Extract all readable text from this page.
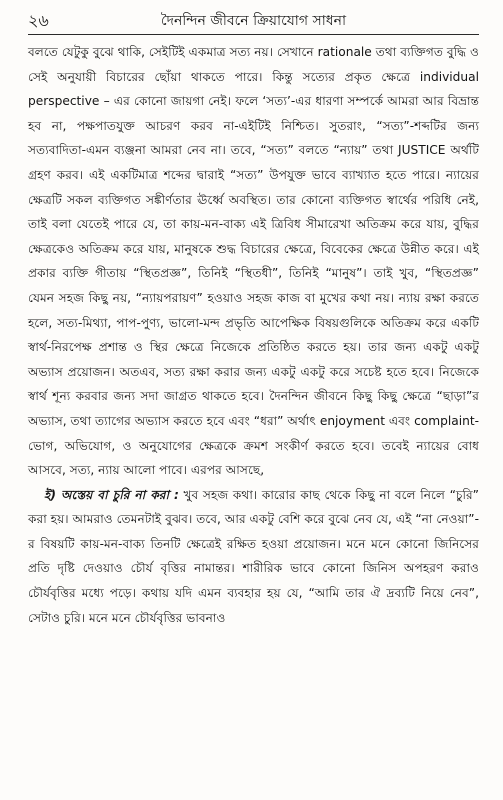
২৬	দৈনন্দিন জীবনে ক্রিয়াযোগ সাধনা

বলতে যেটুকু বুঝে থাকি, সেইটিই একমাত্র সত্য নয়। সেখানে rationale তথা ব্যক্তিগত বুদ্ধি ও সেই অনুযায়ী বিচারের ছোঁয়া থাকতে পারে। কিন্তু সত্যের প্রকৃত ক্ষেত্রে individual perspective – এর কোনো জায়গা নেই। ফলে ‘সত্য’-এর ধারণা সম্পর্কে আমরা আর বিভ্রান্ত হব না, পক্ষপাতযুক্ত আচরণ করব না-এইটিই নিশ্চিত। সুতরাং, “সত্য”-শব্দটির জন্য সত্যবাদিতা-এমন ব্যঞ্জনা আমরা নেব না। তবে, “সত্য” বলতে “ন্যায়” তথা JUSTICE অর্থটি গ্রহণ করব। এই একটিমাত্র শব্দের দ্বারাই “সত্য” উপযুক্ত ভাবে ব্যাখ্যাত হতে পারে। ন্যায়ের ক্ষেত্রটি সকল ব্যক্তিগত সঙ্কীর্ণতার ঊর্ধ্বে অবস্থিত। তার কোনো ব্যক্তিগত স্বার্থের পরিধি নেই, তাই বলা যেতেই পারে যে, তা কায়-মন-বাক্য এই ত্রিবিধ সীমারেখা অতিক্রম করে যায়, বুদ্ধির ক্ষেত্রকেও অতিক্রম করে যায়, মানুষকে শুদ্ধ বিচারের ক্ষেত্রে, বিবেকের ক্ষেত্রে উন্নীত করে। এই প্রকার ব্যক্তি গীতায় “স্থিতপ্রজ্ঞ”, তিনিই “স্থিতধী”, তিনিই “মানুষ”। তাই খুব, “স্থিতপ্রজ্ঞ” যেমন সহজ কিছু নয়, “ন্যায়পরায়ণ” হওয়াও সহজ কাজ বা মুখের কথা নয়। ন্যায় রক্ষা করতে হলে, সত্য-মিথ্যা, পাপ-পুণ্য, ভালো-মন্দ প্রভৃতি আপেক্ষিক বিষয়গুলিকে অতিক্রম করে একটি স্বার্থ-নিরপেক্ষ প্রশান্ত ও স্থির ক্ষেত্রে নিজেকে প্রতিষ্ঠিত করতে হয়। তার জন্য একটু একটু অভ্যাস প্রয়োজন। অতএব, সত্য রক্ষা করার জন্য একটু একটু করে সচেষ্ট হতে হবে। নিজেকে স্বার্থ শূন্য করবার জন্য সদা জাগ্রত থাকতে হবে। দৈনন্দিন জীবনে কিছু কিছু ক্ষেত্রে “ছাড়া”র অভ্যাস, তথা ত্যাগের অভ্যাস করতে হবে এবং “ধরা” অর্থাৎ enjoyment এবং complaint-ভোগ, অভিযোগ, ও অনুযোগের ক্ষেত্রকে ক্রমশ সংকীর্ণ করতে হবে। তবেই ন্যায়ের বোধ আসবে, সত্য, ন্যায় আলো পাবে। এরপর আসছে,

ই) অস্তেয় বা চুরি না করা : খুব সহজ কথা। কারোর কাছ থেকে কিছু না বলে নিলে “চুরি” করা হয়। আমরাও তেমনটাই বুঝব। তবে, আর একটু বেশি করে বুঝে নেব যে, এই “না নেওয়া”-র বিষয়টি কায়-মন-বাক্য তিনটি ক্ষেত্রেই রক্ষিত হওয়া প্রয়োজন। মনে মনে কোনো জিনিসের প্রতি দৃষ্টি দেওয়াও চৌর্য বৃত্তির নামান্তর। শারীরিক ভাবে কোনো জিনিস অপহরণ করাও চৌর্যবৃত্তির মধ্যে পড়ে। কথায় যদি এমন ব্যবহার হয় যে, “আমি তার ঐ দ্রব্যটি নিয়ে নেব”, সেটাও চুরি। মনে মনে চৌর্যবৃত্তির ভাবনাও
